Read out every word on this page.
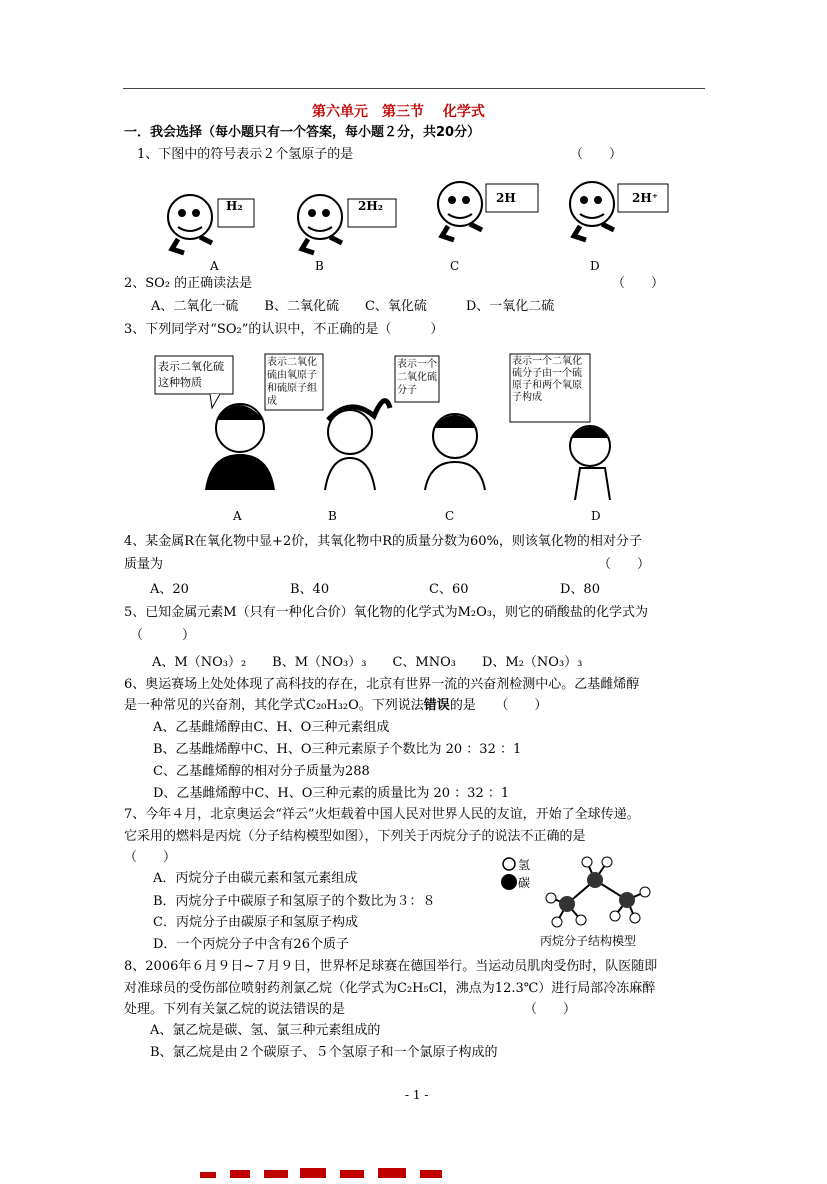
第六单元　第三节　 化学式
一．我会选择（每小题只有一个答案，每小题２分，共20分）
1、下图中的符号表示２个氢原子的是	（　　）
H₂	2H₂
2H	2H⁺
A	B	C	D
2、SO₂ 的正确读法是	（　　）
A、二氧化一硫　　B、二氧化硫　　C、氧化硫　　　D、一氧化二硫
3、下列同学对“SO₂”的认识中，不正确的是（　　　）
表示二氧化硫这种物质
表示二氧化硫由氧原子和硫原子组成
表示一个二氧化硫分子
表示一个二氧化硫分子由一个硫原子和两个氧原子构成
A	B	C	D
4、某金属R在氧化物中显+2价，其氧化物中R的质量分数为60%，则该氧化物的相对分子
质量为	（　　）
A、20	B、40	C、60	D、80
5、已知金属元素M（只有一种化合价）氧化物的化学式为M₂O₃，则它的硝酸盐的化学式为
（　　　）
A、M（NO₃）₂　　B、M（NO₃）₃　　C、MNO₃　　D、M₂（NO₃）₃
6、奥运赛场上处处体现了高科技的存在，北京有世界一流的兴奋剂检测中心。乙基雌烯醇
是一种常见的兴奋剂，其化学式C₂₀H₃₂O。下列说法错误的是　　（　　）
A、乙基雌烯醇由C、H、O三种元素组成
B、乙基雌烯醇中C、H、O三种元素原子个数比为 20 ：32 ：1
C、乙基雌烯醇的相对分子质量为288
D、乙基雌烯醇中C、H、O三种元素的质量比为 20 ：32 ：1
7、今年４月，北京奥运会“祥云”火炬载着中国人民对世界人民的友谊，开始了全球传递。
它采用的燃料是丙烷（分子结构模型如图），下列关于丙烷分子的说法不正确的是
（　　）
A．丙烷分子由碳元素和氢元素组成
B．丙烷分子中碳原子和氢原子的个数比为３：８
C．丙烷分子由碳原子和氢原子构成
D．一个丙烷分子中含有26个质子
氢
碳
丙烷分子结构模型
8、2006年６月９日~７月９日，世界杯足球赛在德国举行。当运动员肌肉受伤时，队医随即
对准球员的受伤部位喷射药剂氯乙烷（化学式为C₂H₅Cl，沸点为12.3℃）进行局部冷冻麻醉
处理。下列有关氯乙烷的说法错误的是	（　　）
A、氯乙烷是碳、氢、氯三种元素组成的
B、氯乙烷是由２个碳原子、５个氢原子和一个氯原子构成的
- 1 -
